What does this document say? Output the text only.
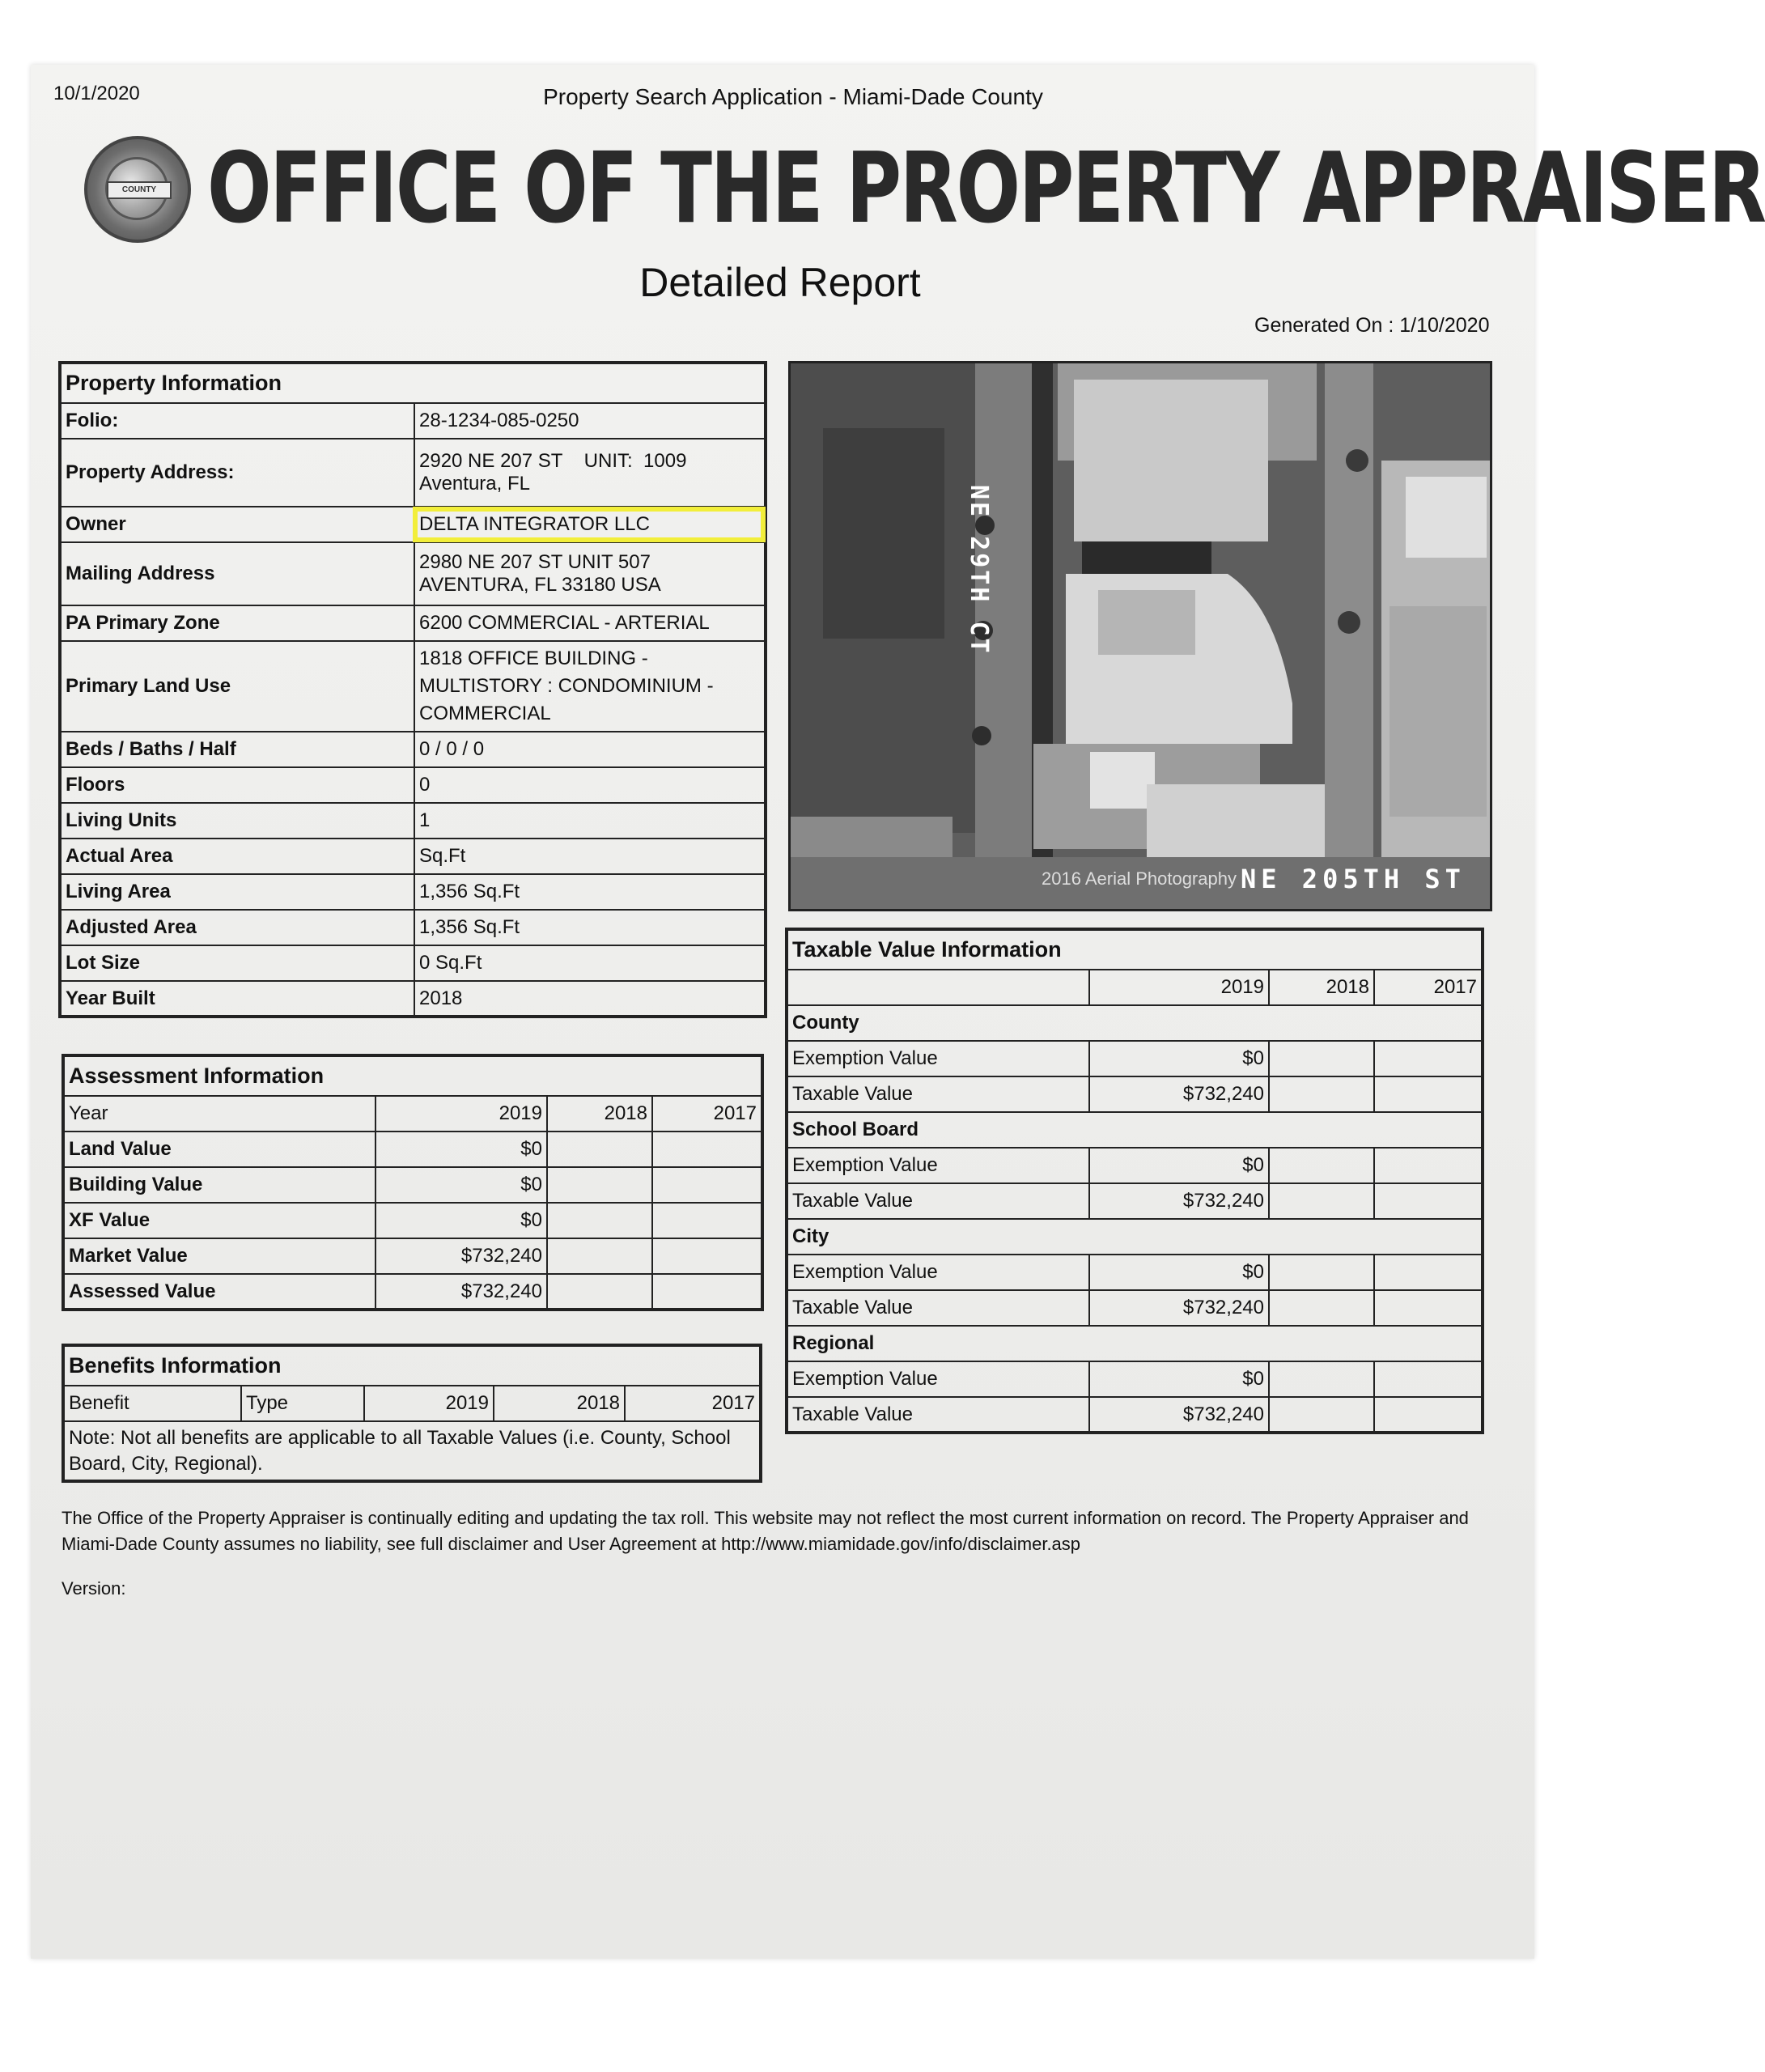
10/1/2020	Property Search Application - Miami-Dade County
COUNTY OFFICE OF THE PROPERTY APPRAISER
Detailed Report
Generated On : 1/10/2020
Property Information	
Folio:	28-1234-085-0250
Property Address:	2920 NE 207 ST    UNIT:  1009
Aventura, FL

Owner	DELTA INTEGRATOR LLC
Mailing Address	2980 NE 207 ST UNIT 507
AVENTURA, FL 33180 USA

PA Primary Zone	6200 COMMERCIAL - ARTERIAL
Primary Land Use	1818 OFFICE BUILDING -
MULTISTORY : CONDOMINIUM -
COMMERCIAL

Beds / Baths / Half	0 / 0 / 0
Floors	0
Living Units	1
Actual Area	Sq.Ft
Living Area	1,356 Sq.Ft
Adjusted Area	1,356 Sq.Ft
Lot Size	0 Sq.Ft
Year Built	2018
NE 29TH CT
2016 Aerial Photography NE 205TH ST
Assessment Information			
Year	2019	2018	2017
Land Value	$0		
Building Value	$0		
XF Value	$0		
Market Value	$732,240		
Assessed Value	$732,240		
Benefits Information
Benefit	Type	2019	2018	2017
Note: Not all benefits are applicable to all Taxable Values (i.e. County, School Board, City, Regional).
Taxable Value Information			
	2019	2018	2017
County			
Exemption Value	$0		
Taxable Value	$732,240		
School Board			
Exemption Value	$0		
Taxable Value	$732,240		
City			
Exemption Value	$0		
Taxable Value	$732,240		
Regional			
Exemption Value	$0		
Taxable Value	$732,240		
The Office of the Property Appraiser is continually editing and updating the tax roll. This website may not reflect the most current information on record. The Property Appraiser and Miami-Dade County assumes no liability, see full disclaimer and User Agreement at http://www.miamidade.gov/info/disclaimer.asp
Version:
